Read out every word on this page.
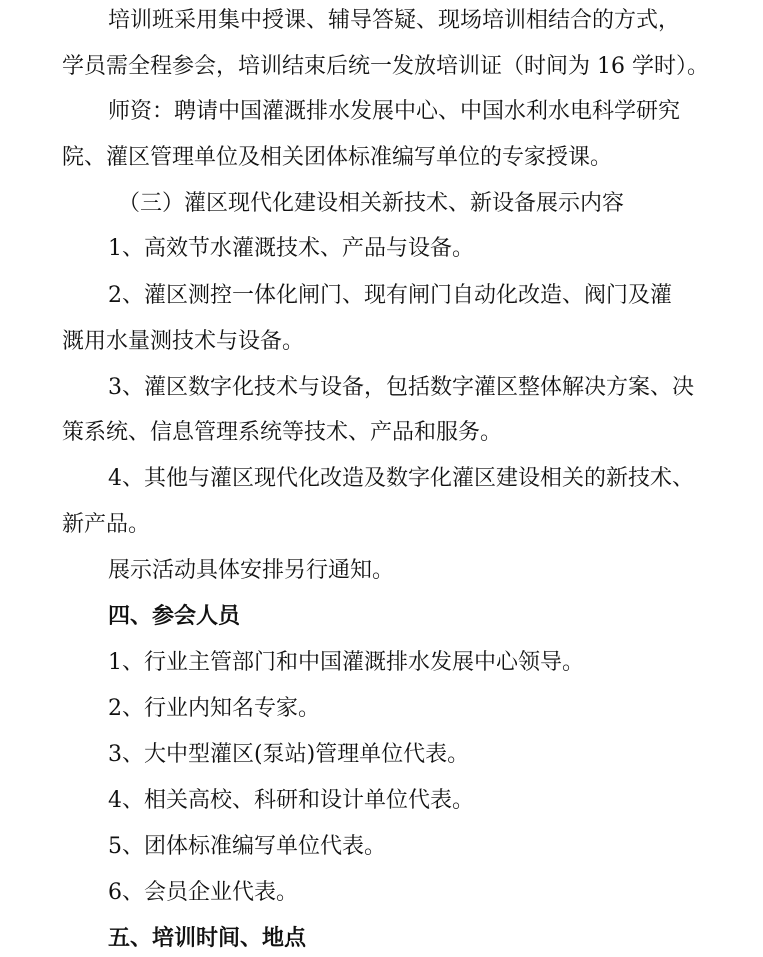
培训班采用集中授课、辅导答疑、现场培训相结合的方式，
学员需全程参会，培训结束后统一发放培训证（时间为 16 学时）。
师资：聘请中国灌溉排水发展中心、中国水利水电科学研究
院、灌区管理单位及相关团体标准编写单位的专家授课。
（三）灌区现代化建设相关新技术、新设备展示内容
1、高效节水灌溉技术、产品与设备。
2、灌区测控一体化闸门、现有闸门自动化改造、阀门及灌
溉用水量测技术与设备。
3、灌区数字化技术与设备，包括数字灌区整体解决方案、决
策系统、信息管理系统等技术、产品和服务。
4、其他与灌区现代化改造及数字化灌区建设相关的新技术、
新产品。
展示活动具体安排另行通知。
四、参会人员
1、行业主管部门和中国灌溉排水发展中心领导。
2、行业内知名专家。
3、大中型灌区(泵站)管理单位代表。
4、相关高校、科研和设计单位代表。
5、团体标准编写单位代表。
6、会员企业代表。
五、培训时间、地点
